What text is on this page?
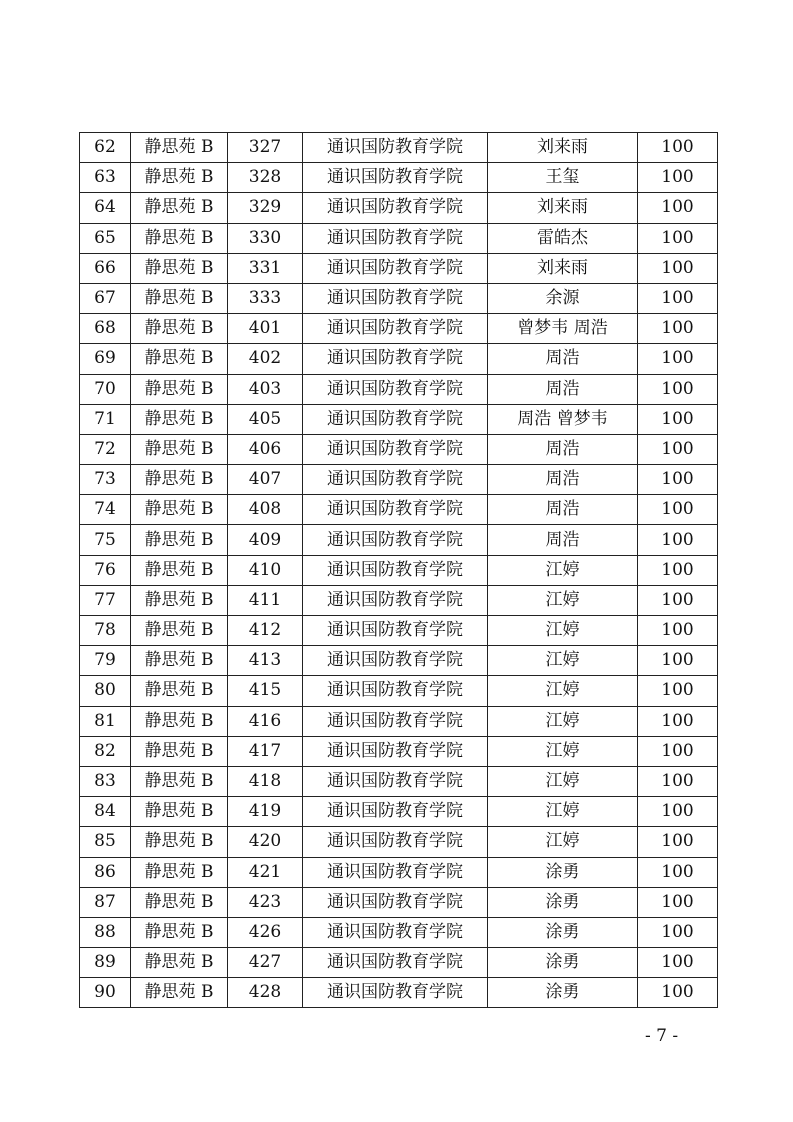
62	静思苑 B	327	通识国防教育学院	刘来雨	100
63	静思苑 B	328	通识国防教育学院	王玺	100
64	静思苑 B	329	通识国防教育学院	刘来雨	100
65	静思苑 B	330	通识国防教育学院	雷皓杰	100
66	静思苑 B	331	通识国防教育学院	刘来雨	100
67	静思苑 B	333	通识国防教育学院	余源	100
68	静思苑 B	401	通识国防教育学院	曾梦韦 周浩	100
69	静思苑 B	402	通识国防教育学院	周浩	100
70	静思苑 B	403	通识国防教育学院	周浩	100
71	静思苑 B	405	通识国防教育学院	周浩 曾梦韦	100
72	静思苑 B	406	通识国防教育学院	周浩	100
73	静思苑 B	407	通识国防教育学院	周浩	100
74	静思苑 B	408	通识国防教育学院	周浩	100
75	静思苑 B	409	通识国防教育学院	周浩	100
76	静思苑 B	410	通识国防教育学院	江婷	100
77	静思苑 B	411	通识国防教育学院	江婷	100
78	静思苑 B	412	通识国防教育学院	江婷	100
79	静思苑 B	413	通识国防教育学院	江婷	100
80	静思苑 B	415	通识国防教育学院	江婷	100
81	静思苑 B	416	通识国防教育学院	江婷	100
82	静思苑 B	417	通识国防教育学院	江婷	100
83	静思苑 B	418	通识国防教育学院	江婷	100
84	静思苑 B	419	通识国防教育学院	江婷	100
85	静思苑 B	420	通识国防教育学院	江婷	100
86	静思苑 B	421	通识国防教育学院	涂勇	100
87	静思苑 B	423	通识国防教育学院	涂勇	100
88	静思苑 B	426	通识国防教育学院	涂勇	100
89	静思苑 B	427	通识国防教育学院	涂勇	100
90	静思苑 B	428	通识国防教育学院	涂勇	100
- 7 -
